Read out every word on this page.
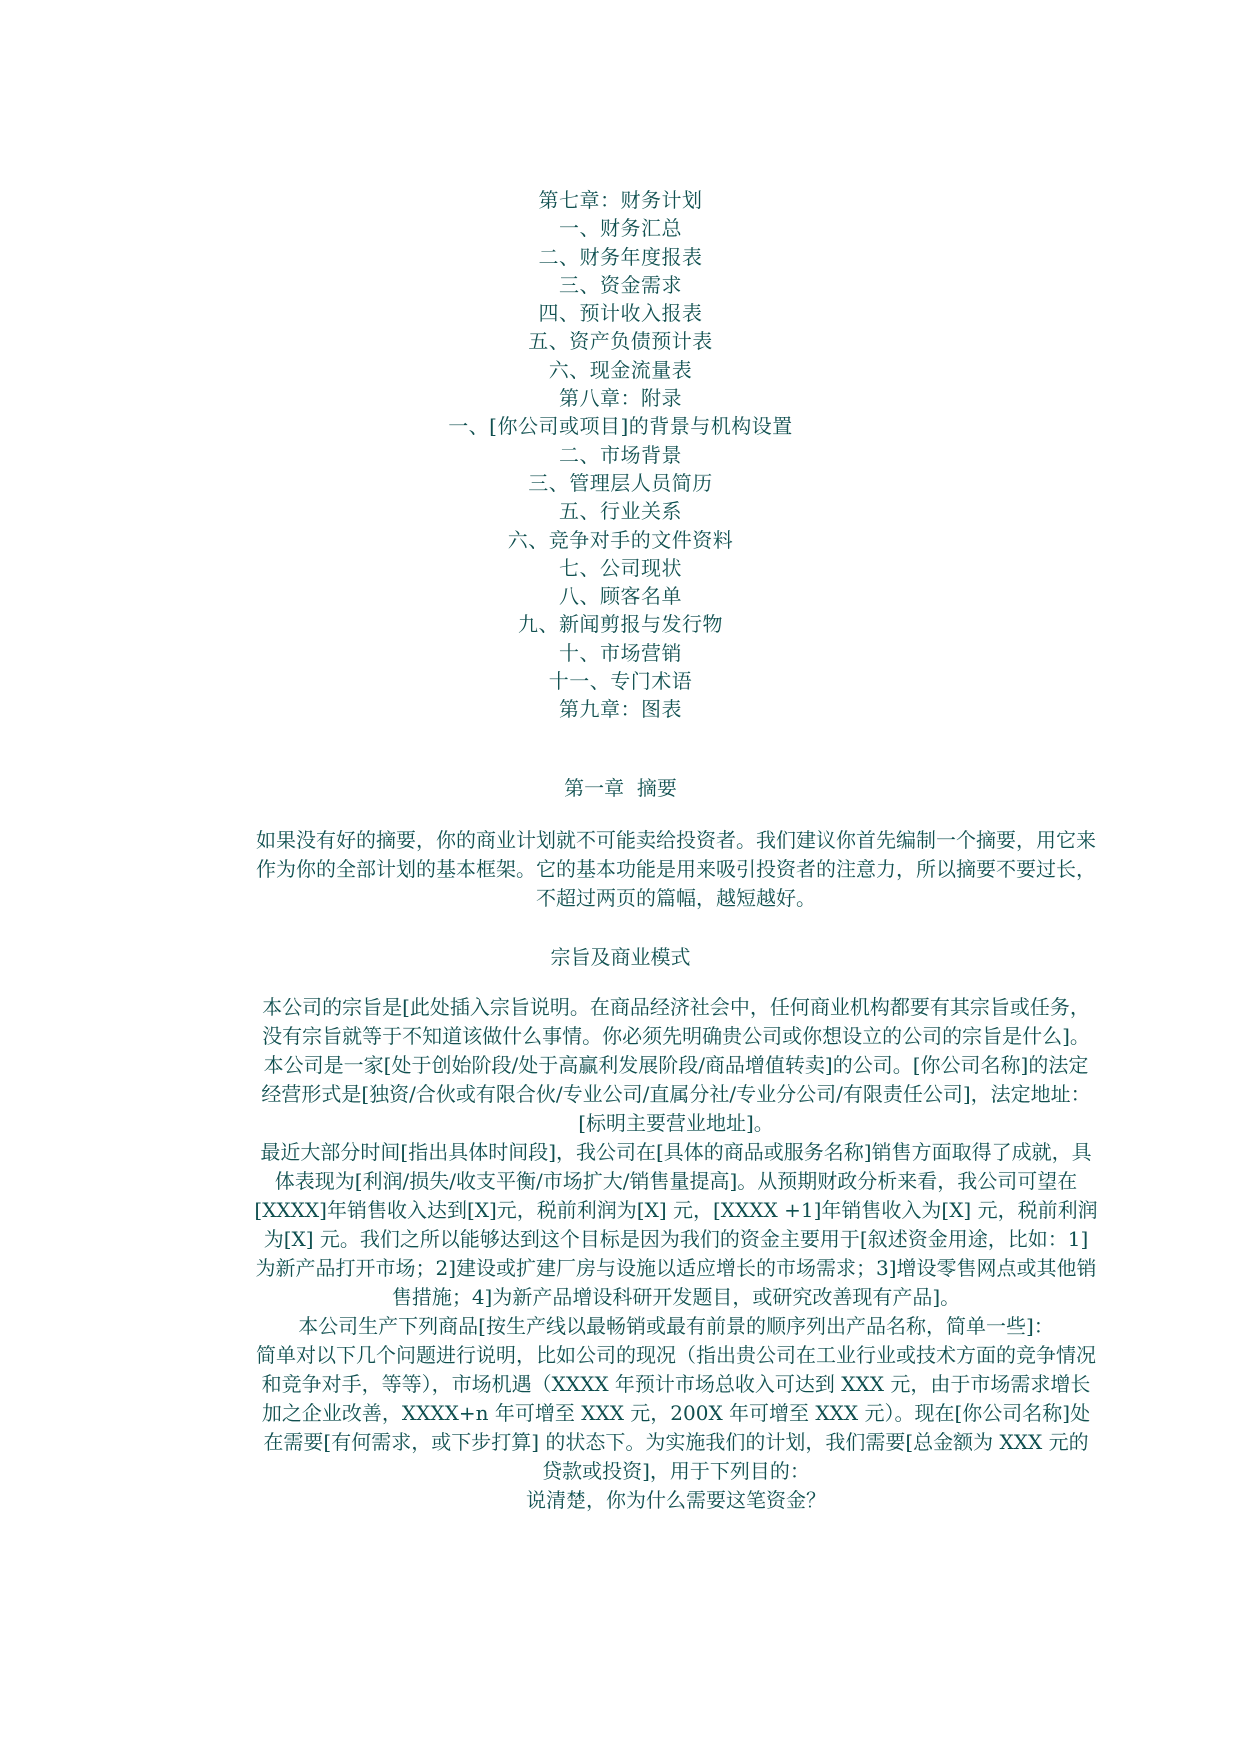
第七章：财务计划
一、财务汇总
二、财务年度报表
三、资金需求
四、预计收入报表
五、资产负债预计表
六、现金流量表
第八章：附录
一、[你公司或项目]的背景与机构设置
二、市场背景
三、管理层人员简历
五、行业关系
六、竞争对手的文件资料
七、公司现状
八、顾客名单
九、新闻剪报与发行物
十、市场营销
十一、专门术语
第九章：图表
第一章  摘要

如果没有好的摘要，你的商业计划就不可能卖给投资者。我们建议你首先编制一个摘要，用它来作为你的全部计划的基本框架。它的基本功能是用来吸引投资者的注意力，所以摘要不要过长，不超过两页的篇幅，越短越好。

宗旨及商业模式

本公司的宗旨是[此处插入宗旨说明。在商品经济社会中，任何商业机构都要有其宗旨或任务，没有宗旨就等于不知道该做什么事情。你必须先明确贵公司或你想设立的公司的宗旨是什么]。

本公司是一家[处于创始阶段/处于高赢利发展阶段/商品增值转卖]的公司。[你公司名称]的法定经营形式是[独资/合伙或有限合伙/专业公司/直属分社/专业分公司/有限责任公司]，法定地址：[标明主要营业地址]。

最近大部分时间[指出具体时间段]，我公司在[具体的商品或服务名称]销售方面取得了成就，具体表现为[利润/损失/收支平衡/市场扩大/销售量提高]。从预期财政分析来看，我公司可望在[XXXX]年销售收入达到[X]元，税前利润为[X] 元，[XXXX +1]年销售收入为[X] 元，税前利润为[X] 元。我们之所以能够达到这个目标是因为我们的资金主要用于[叙述资金用途，比如：1]为新产品打开市场；2]建设或扩建厂房与设施以适应增长的市场需求；3]增设零售网点或其他销售措施；4]为新产品增设科研开发题目，或研究改善现有产品]。

本公司生产下列商品[按生产线以最畅销或最有前景的顺序列出产品名称，简单一些]：

简单对以下几个问题进行说明，比如公司的现况（指出贵公司在工业行业或技术方面的竞争情况和竞争对手，等等），市场机遇（XXXX 年预计市场总收入可达到 XXX 元，由于市场需求增长加之企业改善，XXXX+n 年可增至 XXX 元，200X 年可增至 XXX 元）。现在[你公司名称]处在需要[有何需求，或下步打算] 的状态下。为实施我们的计划，我们需要[总金额为 XXX 元的贷款或投资]，用于下列目的：

说清楚，你为什么需要这笔资金？
